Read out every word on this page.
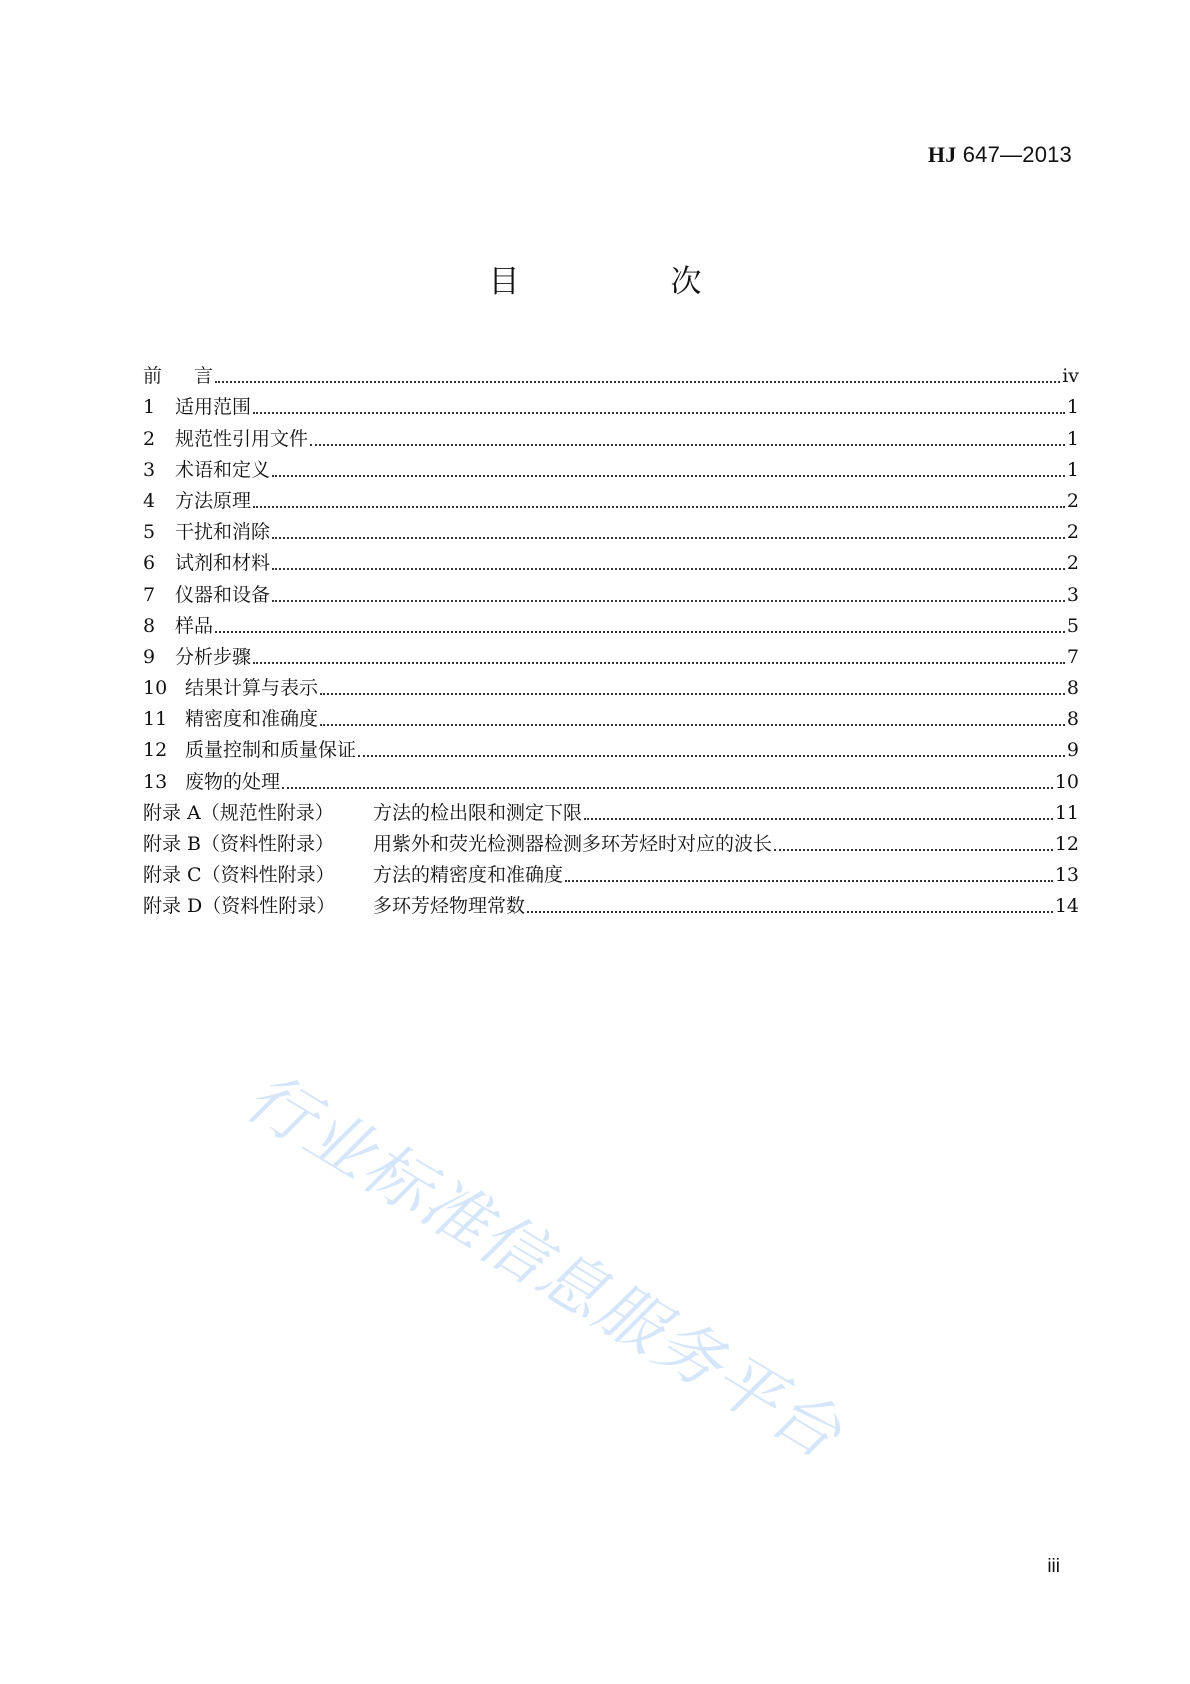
HJ 647—2013
目　次
前 　言	iv
1	适用范围	1
2	规范性引用文件	1
3	术语和定义	1
4	方法原理	2
5	干扰和消除	2
6	试剂和材料	2
7	仪器和设备	3
8	样品	5
9	分析步骤	7
10 结果计算与表示	8
11 精密度和准确度	8
12 质量控制和质量保证	9
13 废物的处理	10
附录 A（规范性附录）	方法的检出限和测定下限	11
附录 B（资料性附录）	用紫外和荧光检测器检测多环芳烃时对应的波长	12
附录 C（资料性附录）	方法的精密度和准确度	13
附录 D（资料性附录）	多环芳烃物理常数	14
行业标准信息服务平台
iii
